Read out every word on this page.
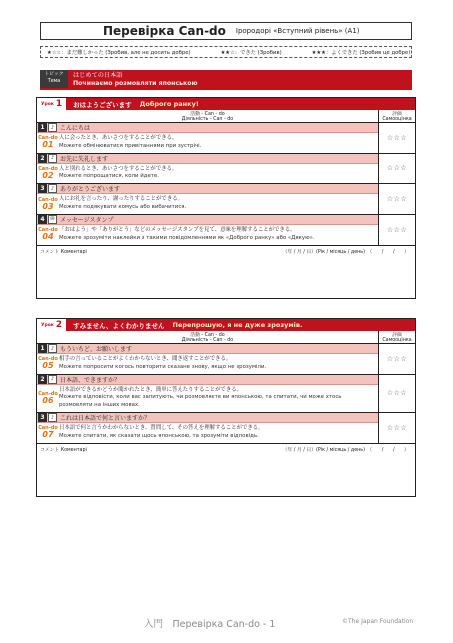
Перевірка Can-do Ірородорі «Вступний рівень» (A1)
★☆☆：まだ難しかった (Зробив, але не досить добре)	★★☆：できた (Зробив)	★★★：よくできた (Зробив це добре)
トピック
Тема
はじめての日本語
Починаємо розмовляти японською
Урок 1 おはようございます Доброго ранку!
活動 - Can - do
Діяльність - Can - do
評価
Самооцінка
1	♪ こんにちは
Can-do
01
人に会ったとき、あいさつをすることができる。
Можете обмінюватися привітаннями при зустрічі.
☆☆☆
2	♪ お先に失礼します
Can-do
02
人と別れるとき、あいさつをすることができる。
Можете попрощатися, коли йдете.
☆☆☆
3	♪ ありがとうございます
Can-do
03
人にお礼を言ったり、謝ったりすることができる。
Можете подякувати комусь або вибачитися.
☆☆☆
4	✉ メッセージスタンプ
Can-do
04
「おはよう」や「ありがとう」などのメッセージスタンプを見て、意味を理解することができる。
Можете зрозуміти наклейки з такими повідомленнями як «Доброго ранку» або «Дякую».
☆☆☆
コメント Коментарі	（年 / 月 / 日）(Рік / місяць / день)　（　　/　　/　　）
Урок 2 すみません、よくわかりません Перепрошую, я не дуже зрозумів.
活動 - Can - do
Діяльність - Can - do
評価
Самооцінка
1	♪ もういちど、お願いします
Can-do
05
相手の言っていることがよくわからないとき、聞き返すことができる。
Можете попросити когось повторити сказане знову, якщо не зрозуміли.
☆☆☆
2	♪ 日本語、できますか？
Can-do
06
日本語ができるかどうか聞かれたとき、簡単に答えたりすることができる。
Можете відповісти, коли вас запитують, чи розмовляєте ви японською, та спитати, чи може хтось розмовляти на інших мовах.
☆☆☆
3	♪ これは日本語で何と言いますか？
Can-do
07
日本語で何と言うかわからないとき、質問して、その答えを理解することができる。
Можете спитати, як сказати щось японською, та зрозуміти відповідь.
☆☆☆
コメント Коментарі	（年 / 月 / 日）(Рік / місяць / день)　（　　/　　/　　）
入門　Перевірка Can-do - 1	©The Japan Foundation
